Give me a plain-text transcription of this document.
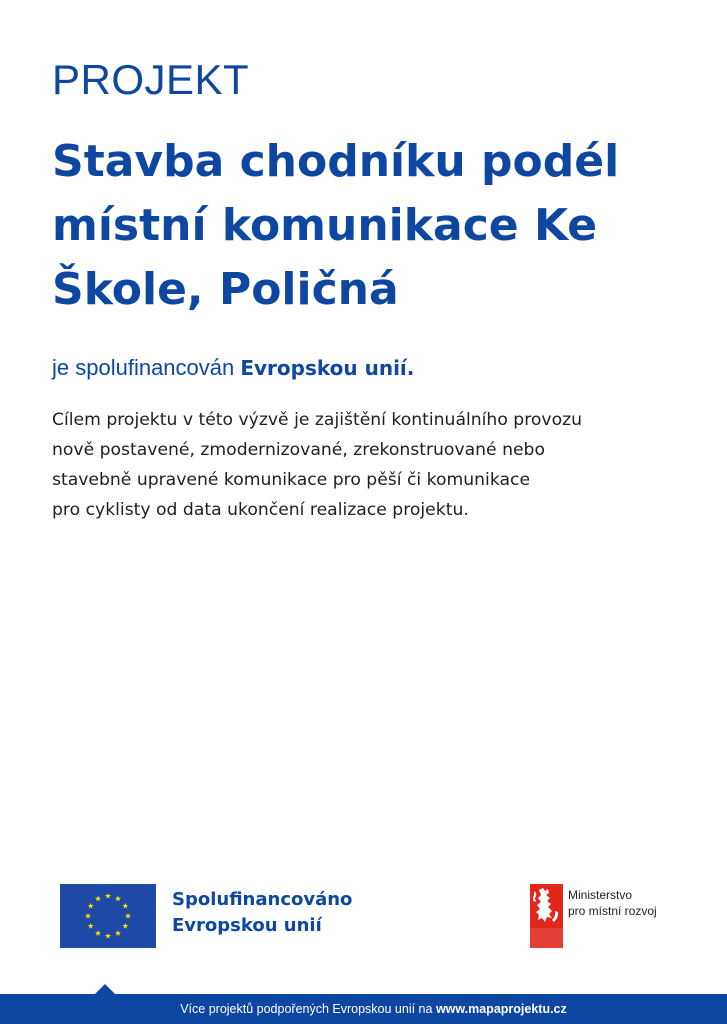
PROJEKT
Stavba chodníku podél
místní komunikace Ke
Škole, Poličná
je spolufinancován Evropskou unií.
Cílem projektu v této výzvě je zajištění kontinuálního provozu
nově postavené, zmodernizované, zrekonstruované nebo
stavebně upravené komunikace pro pěší či komunikace
pro cyklisty od data ukončení realizace projektu.
Spolufinancováno
Evropskou unií
Ministerstvo
pro místní rozvoj
Více projektů podpořených Evropskou unií na www.mapaprojektu.cz
